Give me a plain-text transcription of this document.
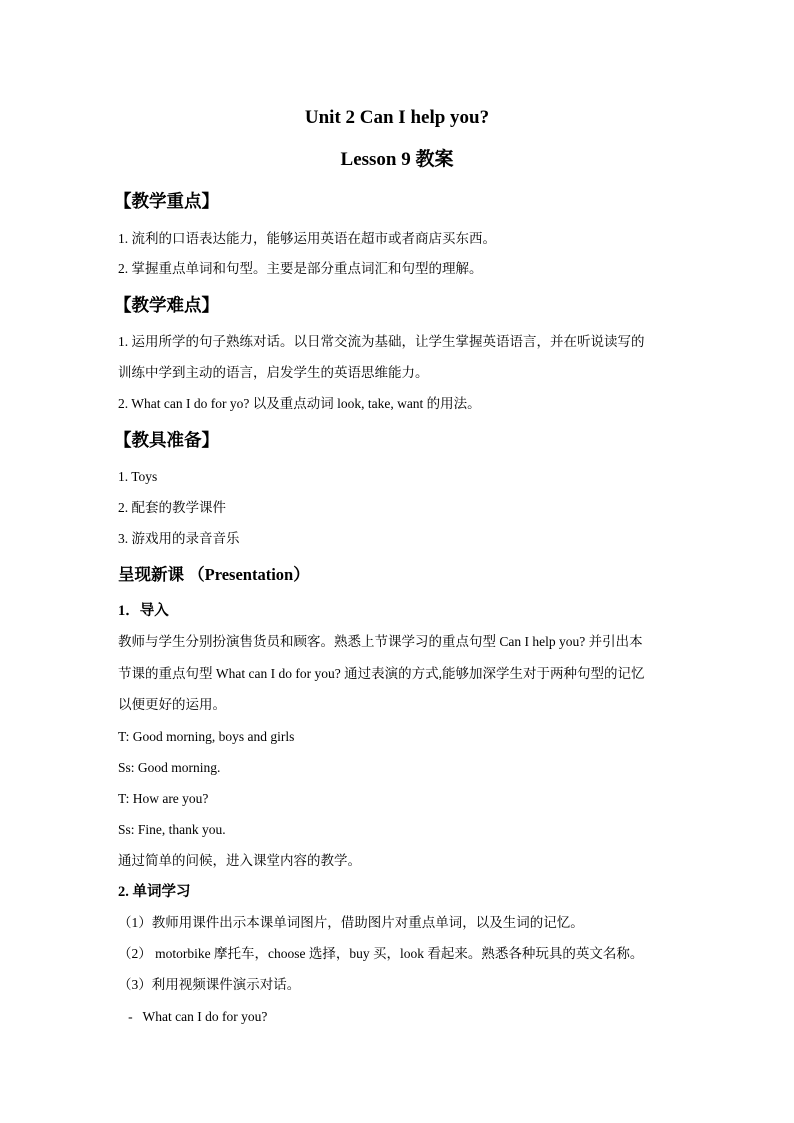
Unit 2 Can I help you?
Lesson 9 教案
【教学重点】
1. 流利的口语表达能力，能够运用英语在超市或者商店买东西。
2. 掌握重点单词和句型。主要是部分重点词汇和句型的理解。
【教学难点】
1. 运用所学的句子熟练对话。以日常交流为基础，让学生掌握英语语言，并在听说读写的
训练中学到主动的语言，启发学生的英语思维能力。
2. What can I do for yo? 以及重点动词 look, take, want 的用法。
【教具准备】
1. Toys
2. 配套的教学课件
3. 游戏用的录音音乐
呈现新课 （Presentation）
1．导入
教师与学生分别扮演售货员和顾客。熟悉上节课学习的重点句型 Can I help you? 并引出本
节课的重点句型 What can I do for you? 通过表演的方式,能够加深学生对于两种句型的记忆
以便更好的运用。
T: Good morning, boys and girls
Ss: Good morning.
T: How are you?
Ss: Fine, thank you.
通过简单的问候，进入课堂内容的教学。
2. 单词学习
（1）教师用课件出示本课单词图片，借助图片对重点单词，以及生词的记忆。
（2） motorbike 摩托车，choose 选择，buy 买，look 看起来。熟悉各种玩具的英文名称。
（3）利用视频课件演示对话。
-   What can I do for you?
